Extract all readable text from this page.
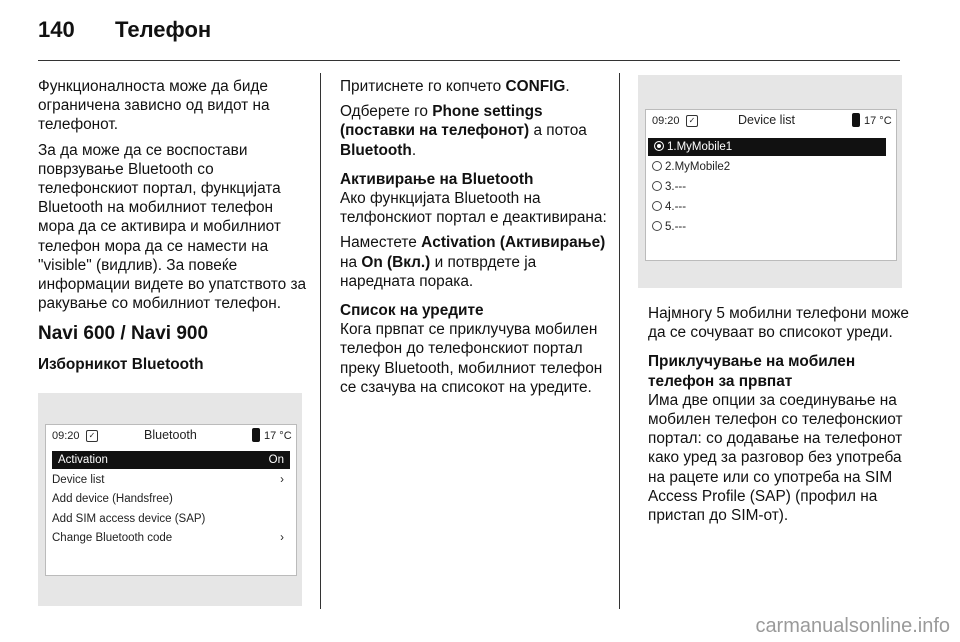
140	Телефон

Функционалноста може да биде ограничена зависно од видот на телефонот.

За да може да се воспостави поврзување Bluetooth со телефонскиот портал, функцијата Bluetooth на мобилниот телефон мора да се активира и мобилниот телефон мора да се намести на "visible" (видлив). За повеќе информации видете во упатството за ракување со мобилниот телефон.

Navi 600 / Navi 900
Изборникот Bluetooth
09:20	✓	Bluetooth	17 °C
Activation	On
Device list	›
Add device (Handsfree)
Add SIM access device (SAP)
Change Bluetooth code	›

Притиснете го копчето CONFIG.

Одберете го Phone settings (поставки на телефонот) а потоа Bluetooth.

Активирање на Bluetooth

Ако функцијата Bluetooth на телфонскиот портал е деактивирана:

Наместете Activation (Активирање) на On (Вкл.) и потврдете ја наредната порака.

Список на уредите

Кога првпат се приклучува мобилен телефон до телефонскиот портал преку Bluetooth, мобилниот телефон се сзачува на списокот на уредите.

09:20	✓	Device list	17 °C
1.MyMobile1
2.MyMobile2
3.---
4.---
5.---

Најмногу 5 мобилни телефони може да се сочуваат во списокот уреди.

Приклучување на мобилен телефон за првпат

Има две опции за соединување на мобилен телефон со телефонскиот портал: со додавање на телефонот како уред за разговор без употреба на рацете или со употреба на SIM Access Profile (SAP) (профил на пристап до SIM-от).

carmanualsonline.info
